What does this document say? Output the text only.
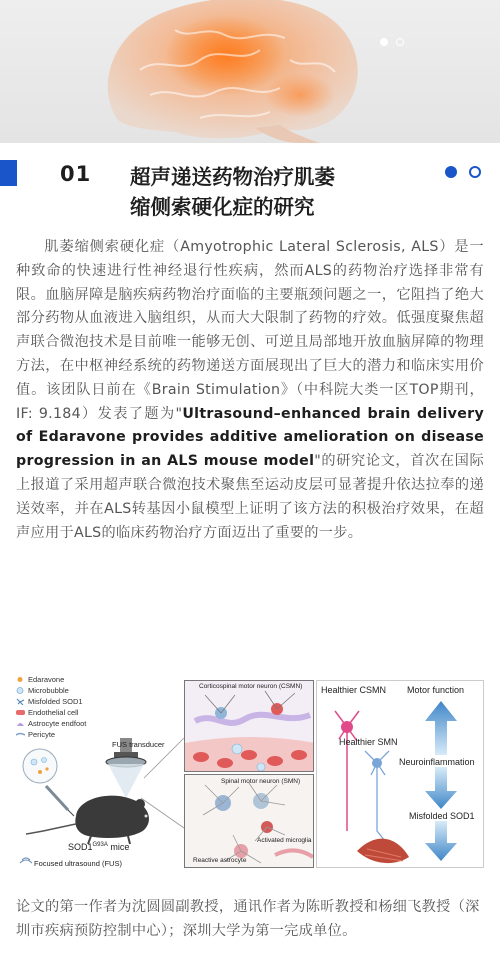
01 超声递送药物治疗肌萎
缩侧索硬化症的研究

肌萎缩侧索硬化症（Amyotrophic Lateral Sclerosis, ALS）是一种致命的快速进行性神经退行性疾病，然而ALS的药物治疗选择非常有限。血脑屏障是脑疾病药物治疗面临的主要瓶颈问题之一，它阻挡了绝大部分药物从血液进入脑组织，从而大大限制了药物的疗效。低强度聚焦超声联合微泡技术是目前唯一能够无创、可逆且局部地开放血脑屏障的物理方法，在中枢神经系统的药物递送方面展现出了巨大的潜力和临床实用价值。该团队日前在《Brain Stimulation》（中科院大类一区TOP期刊，IF: 9.184）发表了题为"Ultrasound–enhanced brain delivery of Edaravone provides additive amelioration on disease progression in an ALS mouse model"的研究论文，首次在国际上报道了采用超声联合微泡技术聚焦至运动皮层可显著提升依达拉奉的递送效率，并在ALS转基因小鼠模型上证明了该方法的积极治疗效果，在超声应用于ALS的临床药物治疗方面迈出了重要的一步。

Edaravone
Microbubble
Misfolded SOD1
Endothelial cell
Astrocyte endfoot
Pericyte
FUS transducer
$SOD1^{G93A}$ mice
Focused ultrasound (FUS)
Corticospinal motor neuron (CSMN)
Spinal motor neuron (SMN)
Activated microglia
Reactive astrocyte
Healthier CSMN Motor function
Healthier SMN
Neuroinflammation
Misfolded SOD1

论文的第一作者为沈圆圆副教授，通讯作者为陈昕教授和杨细飞教授（深圳市疾病预防控制中心）；深圳大学为第一完成单位。
